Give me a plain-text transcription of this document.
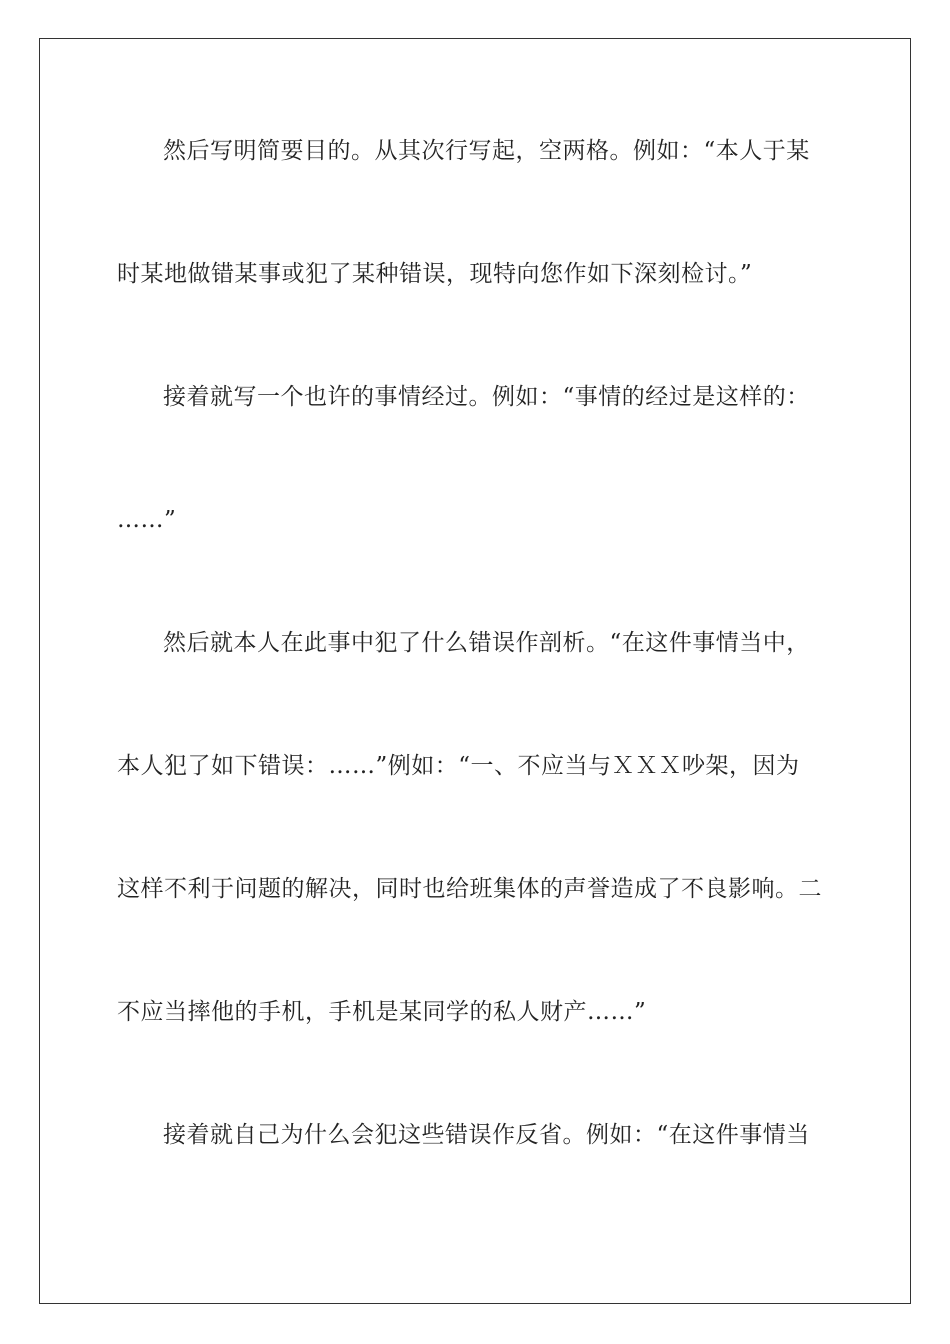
然后写明简要目的。从其次行写起，空两格。例如：“本人于某
时某地做错某事或犯了某种错误，现特向您作如下深刻检讨。”
接着就写一个也许的事情经过。例如：“事情的经过是这样的：
……”
然后就本人在此事中犯了什么错误作剖析。“在这件事情当中，
本人犯了如下错误：……”例如：“一、不应当与ＸＸＸ吵架，因为
这样不利于问题的解决，同时也给班集体的声誉造成了不良影响。二
不应当摔他的手机，手机是某同学的私人财产……”
接着就自己为什么会犯这些错误作反省。例如：“在这件事情当
